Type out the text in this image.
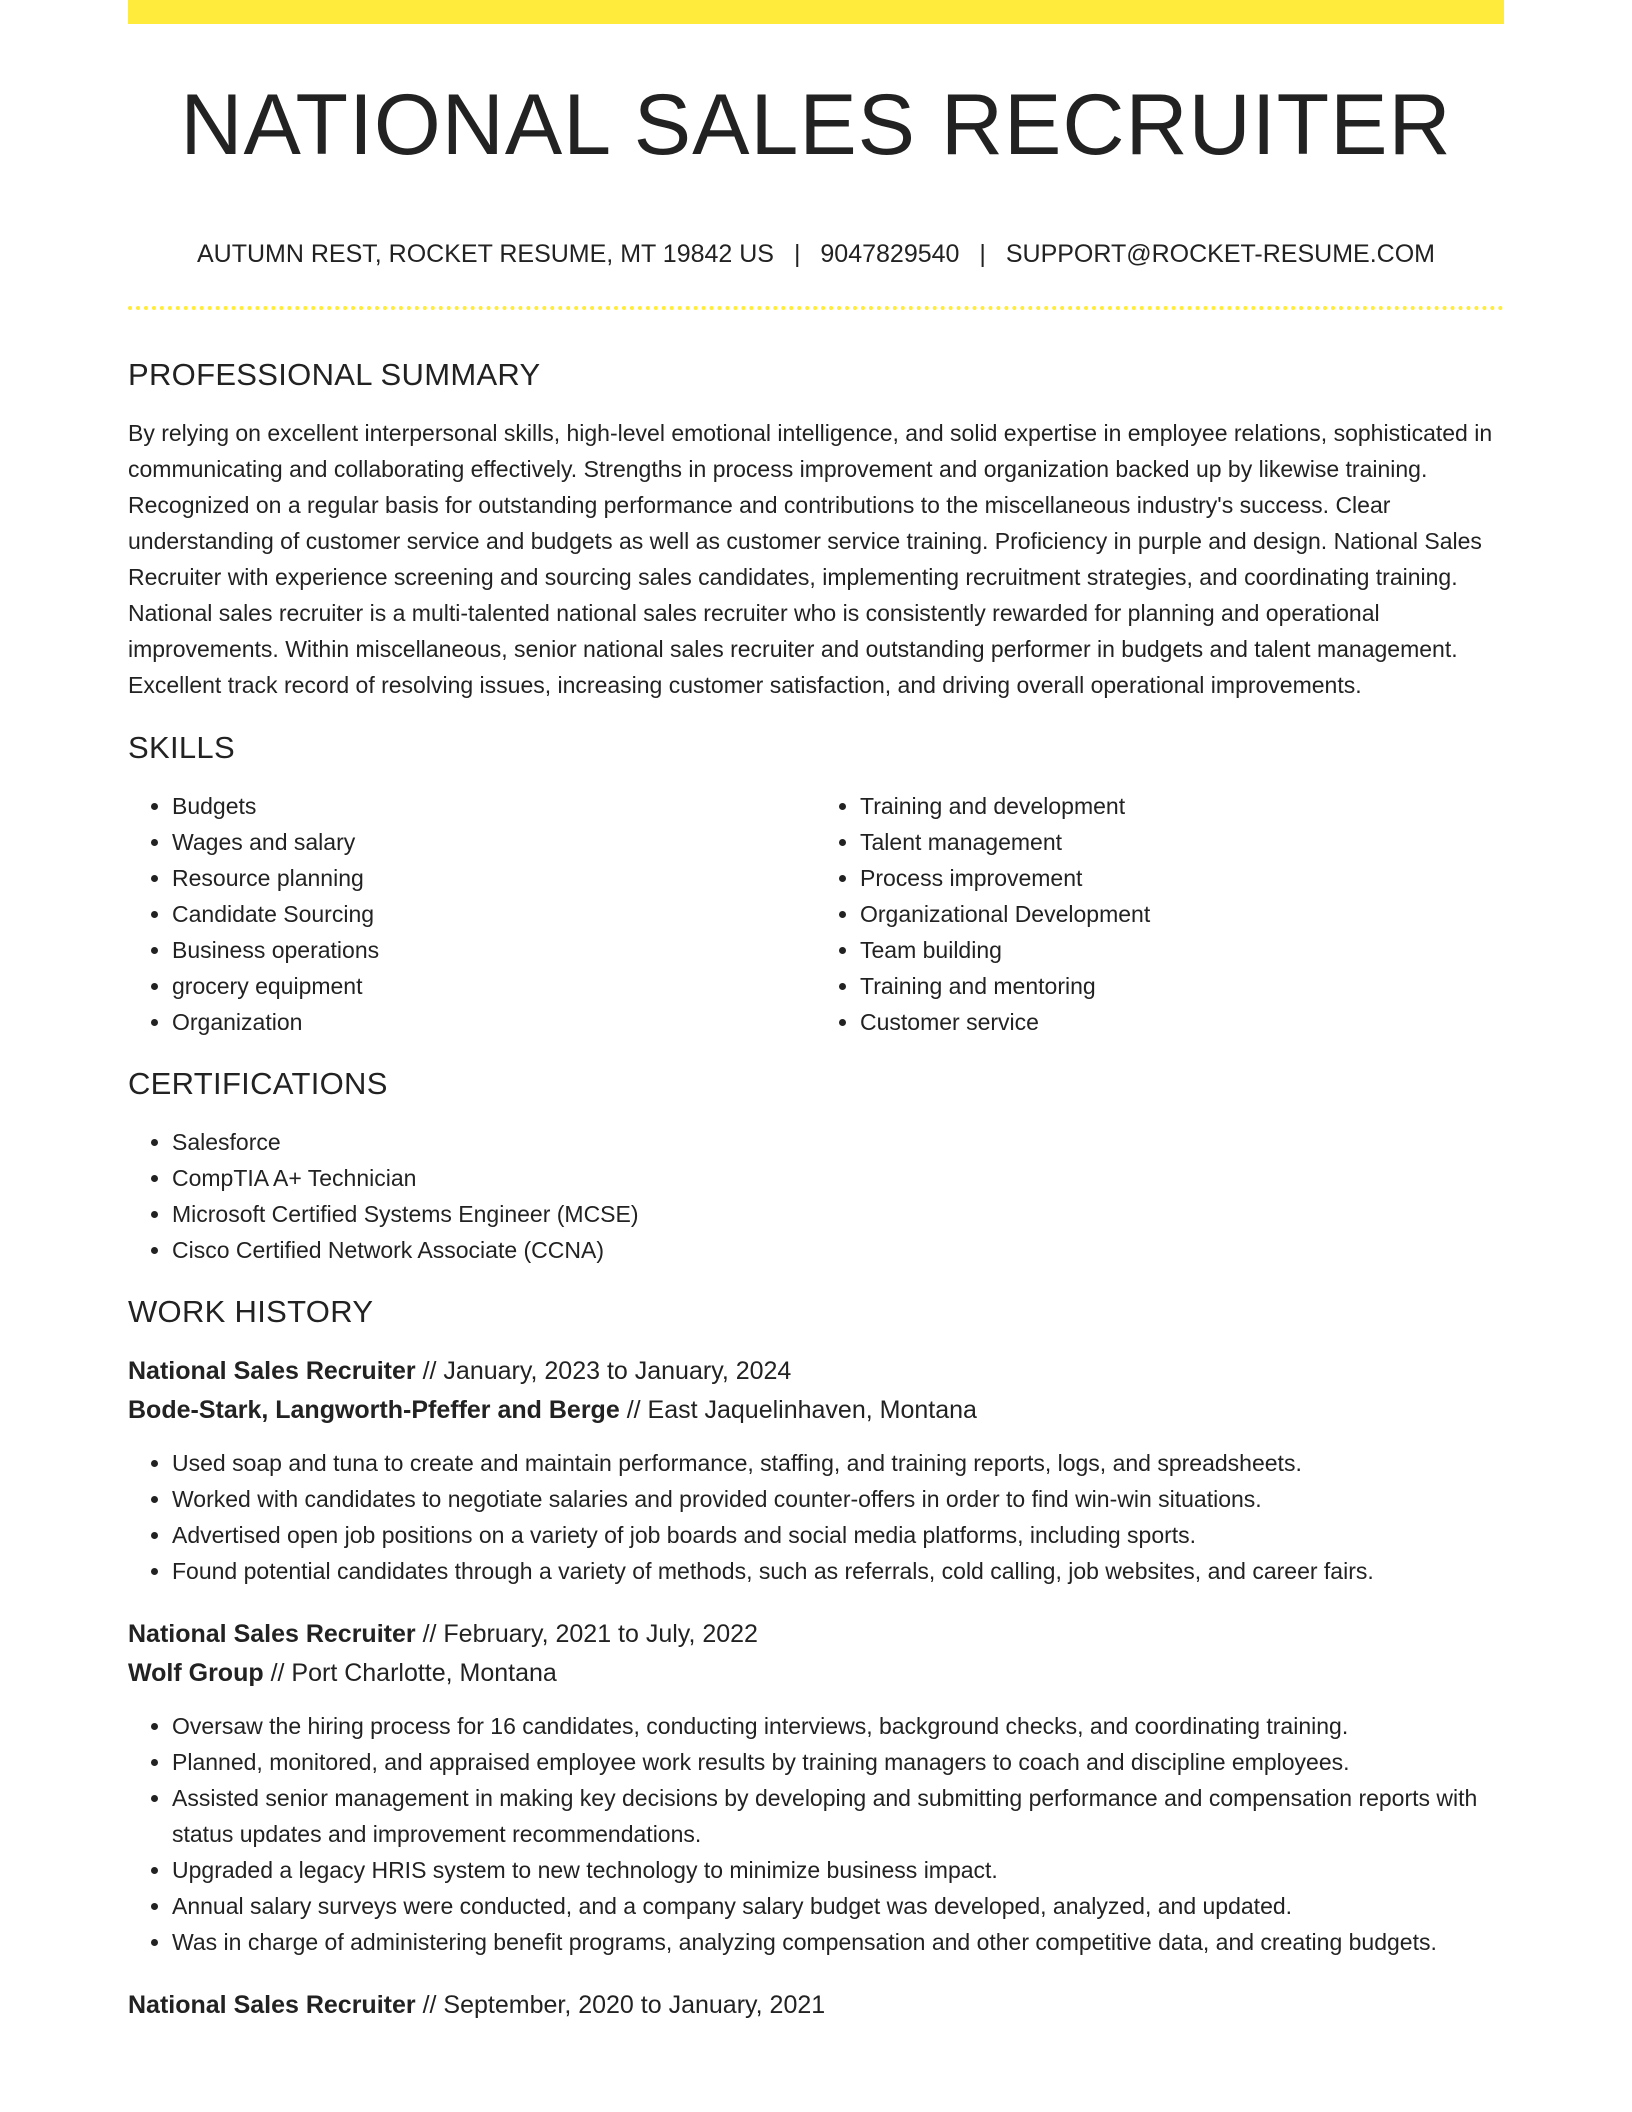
NATIONAL SALES RECRUITER
AUTUMN REST, ROCKET RESUME, MT 19842 US | 9047829540 | SUPPORT@ROCKET-RESUME.COM
PROFESSIONAL SUMMARY

By relying on excellent interpersonal skills, high-level emotional intelligence, and solid expertise in employee relations, sophisticated in communicating and collaborating effectively. Strengths in process improvement and organization backed up by likewise training. Recognized on a regular basis for outstanding performance and contributions to the miscellaneous industry's success. Clear understanding of customer service and budgets as well as customer service training. Proficiency in purple and design. National Sales Recruiter with experience screening and sourcing sales candidates, implementing recruitment strategies, and coordinating training. National sales recruiter is a multi-talented national sales recruiter who is consistently rewarded for planning and operational improvements. Within miscellaneous, senior national sales recruiter and outstanding performer in budgets and talent management. Excellent track record of resolving issues, increasing customer satisfaction, and driving overall operational improvements.

SKILLS
• Budgets
• Wages and salary
• Resource planning
• Candidate Sourcing
• Business operations
• grocery equipment
• Organization
• Training and development
• Talent management
• Process improvement
• Organizational Development
• Team building
• Training and mentoring
• Customer service
CERTIFICATIONS
• Salesforce
• CompTIA A+ Technician
• Microsoft Certified Systems Engineer (MCSE)
• Cisco Certified Network Associate (CCNA)
WORK HISTORY
National Sales Recruiter // January, 2023 to January, 2024
Bode-Stark, Langworth-Pfeffer and Berge // East Jaquelinhaven, Montana
• Used soap and tuna to create and maintain performance, staffing, and training reports, logs, and spreadsheets.
• Worked with candidates to negotiate salaries and provided counter-offers in order to find win-win situations.
• Advertised open job positions on a variety of job boards and social media platforms, including sports.
• Found potential candidates through a variety of methods, such as referrals, cold calling, job websites, and career fairs.
National Sales Recruiter // February, 2021 to July, 2022
Wolf Group // Port Charlotte, Montana
• Oversaw the hiring process for 16 candidates, conducting interviews, background checks, and coordinating training.
• Planned, monitored, and appraised employee work results by training managers to coach and discipline employees.
• Assisted senior management in making key decisions by developing and submitting performance and compensation reports with status updates and improvement recommendations.
• Upgraded a legacy HRIS system to new technology to minimize business impact.
• Annual salary surveys were conducted, and a company salary budget was developed, analyzed, and updated.
• Was in charge of administering benefit programs, analyzing compensation and other competitive data, and creating budgets.
National Sales Recruiter // September, 2020 to January, 2021
